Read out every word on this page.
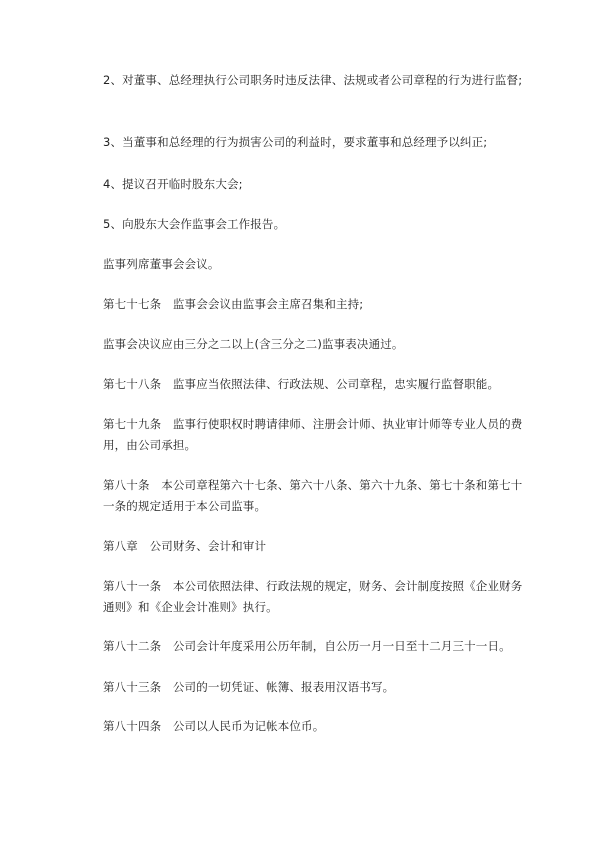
2、对董事、总经理执行公司职务时违反法律、法规或者公司章程的行为进行监督;

3、当董事和总经理的行为损害公司的利益时，要求董事和总经理予以纠正;

4、提议召开临时股东大会;

5、向股东大会作监事会工作报告。

监事列席董事会会议。

第七十七条　监事会会议由监事会主席召集和主持;

监事会决议应由三分之二以上(含三分之二)监事表决通过。

第七十八条　监事应当依照法律、行政法规、公司章程，忠实履行监督职能。

第七十九条　监事行使职权时聘请律师、注册会计师、执业审计师等专业人员的费用，由公司承担。

第八十条　本公司章程第六十七条、第六十八条、第六十九条、第七十条和第七十一条的规定适用于本公司监事。

第八章　公司财务、会计和审计

第八十一条　本公司依照法律、行政法规的规定，财务、会计制度按照《企业财务通则》和《企业会计准则》执行。

第八十二条　公司会计年度采用公历年制，自公历一月一日至十二月三十一日。

第八十三条　公司的一切凭证、帐簿、报表用汉语书写。

第八十四条　公司以人民币为记帐本位币。
